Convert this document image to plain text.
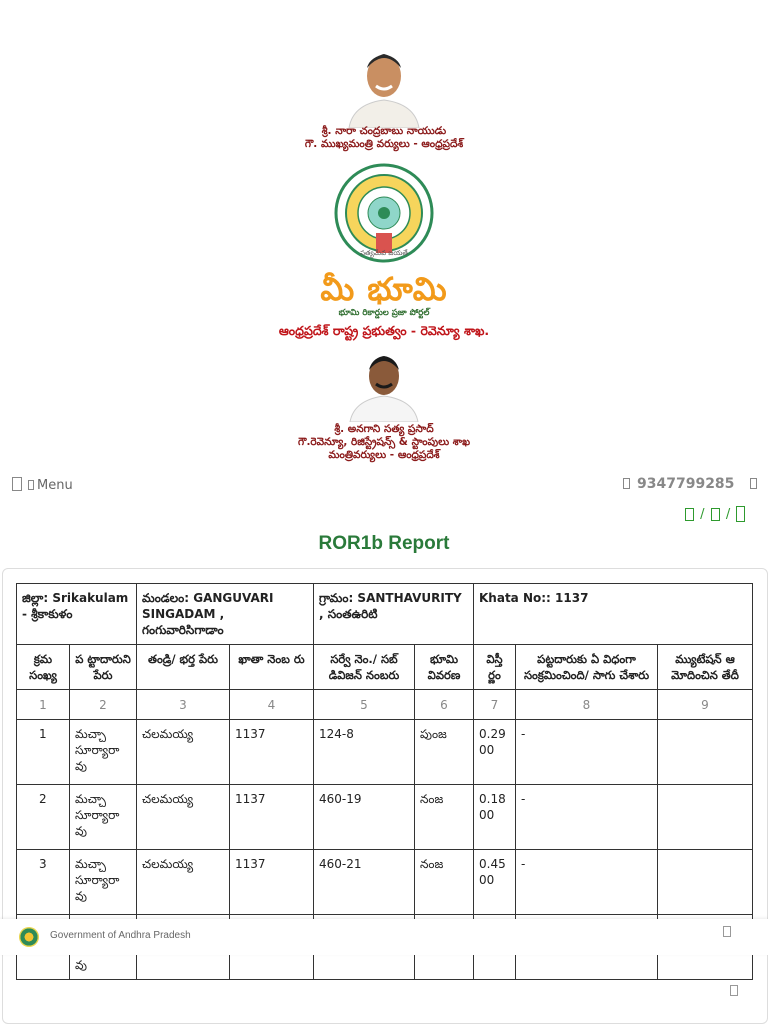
శ్రీ. నారా చంద్రబాబు నాయుడు
గౌ. ముఖ్యమంత్రి వర్యులు - ఆంధ్రప్రదేశ్
సత్యమేవ జయతే
మీ భూమి
భూమి రికార్డుల ప్రజా పోర్టల్
ఆంధ్రప్రదేశ్ రాష్ట్ర ప్రభుత్వం - రెవెన్యూ శాఖ.
శ్రీ. అనగాని సత్య ప్రసాద్
గౌ.రెవెన్యూ, రిజిస్ట్రేషన్స్ & స్టాంపులు శాఖ
మంత్రివర్యులు - ఆంధ్రప్రదేశ్
Menu	9347799285
/ /
ROR1b Report
జిల్లా: Srikakulam - శ్రీకాకుళం		మండలం: GANGUVARI SINGADAM , గంగువారిసిగాడాం		గ్రామం: SANTHAVURITY , సంతఉరిటి		Khata No:: 1137		
క్రమ సంఖ్య	ప ట్టాదారుని పేరు	తండ్రి/ భర్త పేరు	ఖాతా నెంబ రు	సర్వే నెం./ సబ్ డివిజన్ నంబరు	భూమి వివరణ	విస్తీ ర్ణం	పట్టదారుకు ఏ విధంగా సంక్రమించింది/ సాగు చేశారు	మ్యుటేషన్ ఆ మోదించిన తేదీ
1	2	3	4	5	6	7	8	9
1	మచ్చా సూర్యారా వు	చలమయ్య	1137	124-8	పుంజ	0.29 00	-	
2	మచ్చా సూర్యారా వు	చలమయ్య	1137	460-19	నంజ	0.18 00	-	
3	మచ్చా సూర్యారా వు	చలమయ్య	1137	460-21	నంజ	0.45 00	-	
	వు							
Government of Andhra Pradesh
